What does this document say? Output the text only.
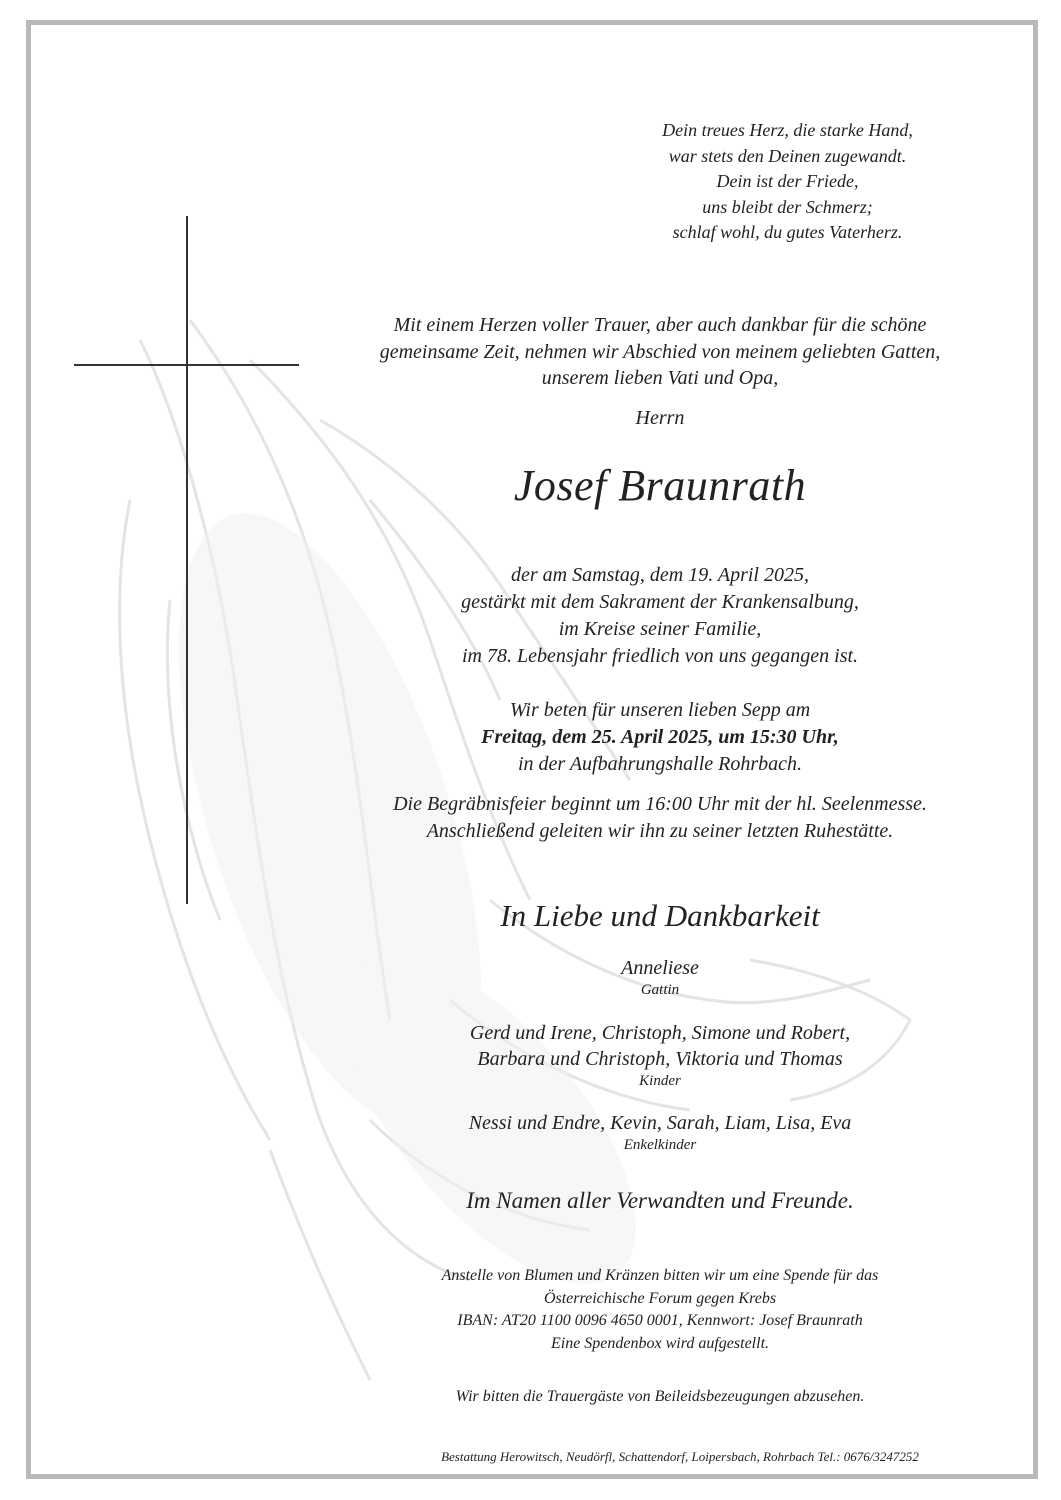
Dein treues Herz, die starke Hand,
war stets den Deinen zugewandt.
Dein ist der Friede,
uns bleibt der Schmerz;
schlaf wohl, du gutes Vaterherz.
Mit einem Herzen voller Trauer, aber auch dankbar für die schöne
gemeinsame Zeit, nehmen wir Abschied von meinem geliebten Gatten,
unserem lieben Vati und Opa,
Herrn
Josef Braunrath
der am Samstag, dem 19. April 2025,
gestärkt mit dem Sakrament der Krankensalbung,
im Kreise seiner Familie,
im 78. Lebensjahr friedlich von uns gegangen ist.
Wir beten für unseren lieben Sepp am
Freitag, dem 25. April 2025, um 15:30 Uhr,
in der Aufbahrungshalle Rohrbach.
Die Begräbnisfeier beginnt um 16:00 Uhr mit der hl. Seelenmesse.
Anschließend geleiten wir ihn zu seiner letzten Ruhestätte.
In Liebe und Dankbarkeit
Anneliese
Gattin
Gerd und Irene, Christoph, Simone und Robert,
Barbara und Christoph, Viktoria und Thomas
Kinder
Nessi und Endre, Kevin, Sarah, Liam, Lisa, Eva
Enkelkinder
Im Namen aller Verwandten und Freunde.
Anstelle von Blumen und Kränzen bitten wir um eine Spende für das
Österreichische Forum gegen Krebs
IBAN: AT20 1100 0096 4650 0001, Kennwort: Josef Braunrath
Eine Spendenbox wird aufgestellt.
Wir bitten die Trauergäste von Beileidsbezeugungen abzusehen.
Bestattung Herowitsch, Neudörfl, Schattendorf, Loipersbach, Rohrbach Tel.: 0676/3247252
